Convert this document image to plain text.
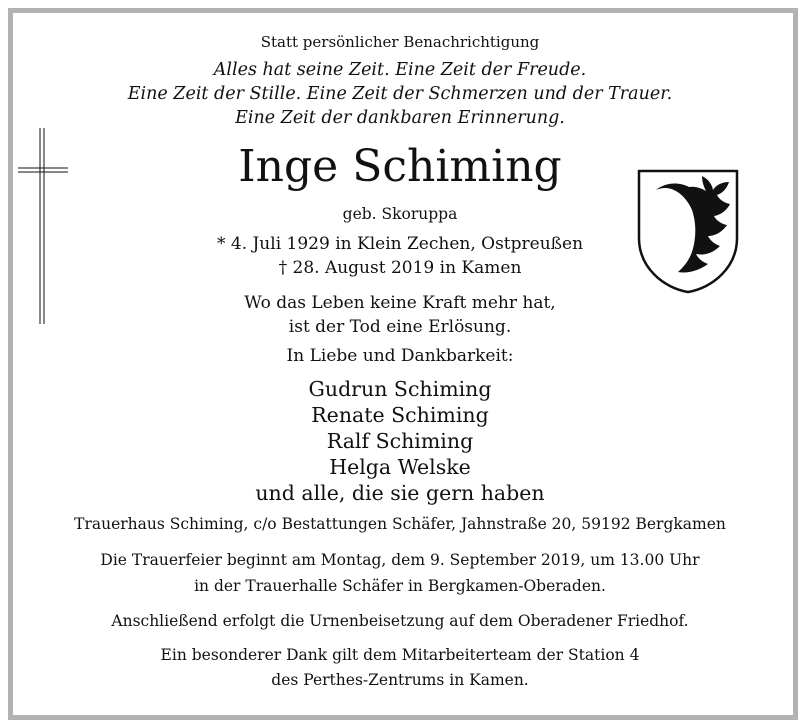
Statt persönlicher Benachrichtigung
Alles hat seine Zeit. Eine Zeit der Freude.
Eine Zeit der Stille. Eine Zeit der Schmerzen und der Trauer.
Eine Zeit der dankbaren Erinnerung.
Inge Schiming
geb. Skoruppa
* 4. Juli 1929 in Klein Zechen, Ostpreußen
† 28. August 2019 in Kamen
Wo das Leben keine Kraft mehr hat,
ist der Tod eine Erlösung.
In Liebe und Dankbarkeit:
Gudrun Schiming
Renate Schiming
Ralf Schiming
Helga Welske
und alle, die sie gern haben
Trauerhaus Schiming, c/o Bestattungen Schäfer, Jahnstraße 20, 59192 Bergkamen
Die Trauerfeier beginnt am Montag, dem 9. September 2019, um 13.00 Uhr
in der Trauerhalle Schäfer in Bergkamen-Oberaden.
Anschließend erfolgt die Urnenbeisetzung auf dem Oberadener Friedhof.
Ein besonderer Dank gilt dem Mitarbeiterteam der Station 4
des Perthes-Zentrums in Kamen.
